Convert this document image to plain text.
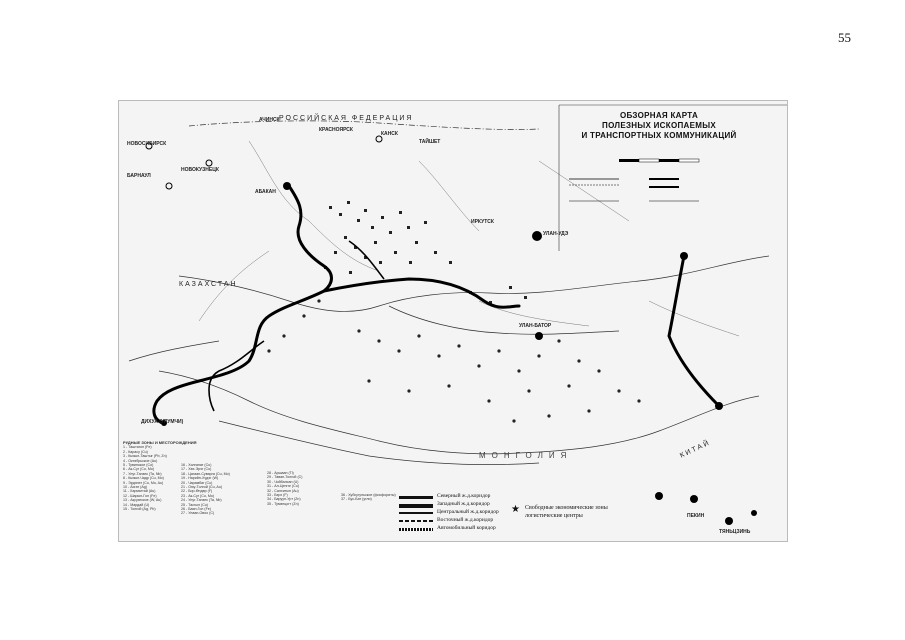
55
ОБЗОРНАЯ КАРТА
ПОЛЕЗНЫХ ИСКОПАЕМЫХ
И ТРАНСПОРТНЫХ КОММУНИКАЦИЙ
РОССИЙСКАЯ ФЕДЕРАЦИЯ
КАЗАХСТАН
МОНГОЛИЯ	КИТАЙ
АЧИНСК
КРАСНОЯРСК
КАНСК
ТАЙШЕТ
НОВОСИБИРСК
БАРНАУЛ
НОВОКУЗНЕЦК
АБАКАН
ИРКУТСК
УЛАН-УДЭ
УЛАН-БАТОР
ДИХУА (УРУМЧИ)
ПЕКИН
ТЯНЬЦЗИНЬ
РУДНЫЕ ЗОНЫ И МЕСТОРОЖДЕНИЯ
1 - Таштагол (Fe)
2 - Карасу (Cu)
3 - Кызыл-Таштыг (Pb, Zn)
4 - Октябрьское (Au)
5 - Тувинское (Co)
6 - Ак-Суг (Cu, Mo)
7 - Улуг-Танзек (Ta, Nb)
8 - Кызыл-Чадр (Cu, Mo)
9 - Эрдэнэт (Cu, Mo, Au)
10 - Асгат (Ag)
11 - Хармагтай (Au)
12 - Шарын-Гол (Fe)
13 - Ақсуатское (W, Au)
14 - Мардай (U)
15 - Толгой (Ag, Pb)
16 - Хялганат (Cu)
17 - Хөх-Эрэг (Cu)
18 - Цагаан-Суварга (Cu, Mo)
19 - Нарийн-Хүдэг (W)
20 - Чарамбаг (Cu)
21 - Оюу-Толгой (Cu, Au)
22 - Бор-Өндөр (F)
23 - Ак-Суг (Cu, Mo)
24 - Улуг-Танзек (Ta, Nb)
25 - Тасгыл (Cu)
26 - Баян-Гол (Fe)
27 - Улаан-Овоо (C)
28 - Аршаан (Ti)
29 - Таван-Толгой (C)
30 - Чойбалсан (U)
31 - Ал-Ценгэг (Cu)
32 - Салхитын (Au)
33 - Бэрх (F)
34 - Баруун-Урт (Zn)
35 - Тумэнцогт (Zn)
36 - Хубсугульское (фосфориты)
37 - Бус-Бат (угли)
Северный ж.д.коридор
Западный ж.д.коридор
Центральный ж.д.коридор
Восточный ж.д.коридор
Автомобильный коридор
★ Свободные экономические зоны
логистические центры
